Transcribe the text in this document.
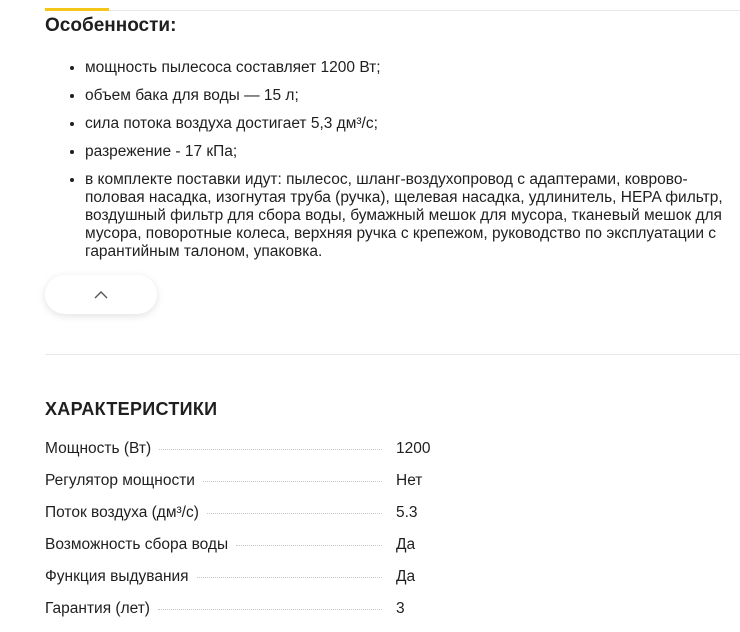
Особенности:
• мощность пылесоса составляет 1200 Вт;
• объем бака для воды — 15 л;
• сила потока воздуха достигает 5,3 дм³/с;
• разрежение - 17 кПа;
• в комплекте поставки идут: пылесос, шланг-воздухопровод с адаптерами, коврово-половая насадка, изогнутая труба (ручка), щелевая насадка, удлинитель, HEPA фильтр, воздушный фильтр для сбора воды, бумажный мешок для мусора, тканевый мешок для мусора, поворотные колеса, верхняя ручка с крепежом, руководство по эксплуатации с гарантийным талоном, упаковка.
ХАРАКТЕРИСТИКИ
Мощность (Вт)	1200
Регулятор мощности	Нет
Поток воздуха (дм³/с)	5.3
Возможность сбора воды	Да
Функция выдувания	Да
Гарантия (лет)	3
